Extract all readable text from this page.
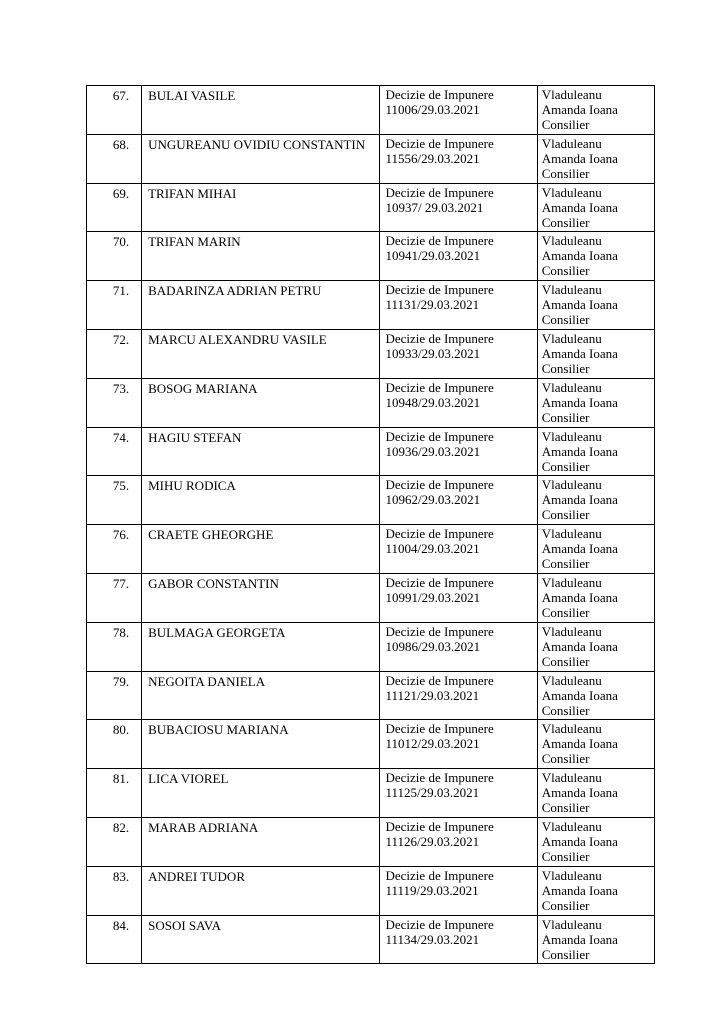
67.	BULAI VASILE	Decizie de Impunere
11006/29.03.2021	Vladuleanu
Amanda Ioana
Consilier

68.	UNGUREANU OVIDIU CONSTANTIN	Decizie de Impunere
11556/29.03.2021	Vladuleanu
Amanda Ioana
Consilier

69.	TRIFAN MIHAI	Decizie de Impunere
10937/ 29.03.2021	Vladuleanu
Amanda Ioana
Consilier

70.	TRIFAN MARIN	Decizie de Impunere
10941/29.03.2021	Vladuleanu
Amanda Ioana
Consilier

71.	BADARINZA ADRIAN PETRU	Decizie de Impunere
11131/29.03.2021	Vladuleanu
Amanda Ioana
Consilier

72.	MARCU ALEXANDRU VASILE	Decizie de Impunere
10933/29.03.2021	Vladuleanu
Amanda Ioana
Consilier

73.	BOSOG MARIANA	Decizie de Impunere
10948/29.03.2021	Vladuleanu
Amanda Ioana
Consilier

74.	HAGIU STEFAN	Decizie de Impunere
10936/29.03.2021	Vladuleanu
Amanda Ioana
Consilier

75.	MIHU RODICA	Decizie de Impunere
10962/29.03.2021	Vladuleanu
Amanda Ioana
Consilier

76.	CRAETE GHEORGHE	Decizie de Impunere
11004/29.03.2021	Vladuleanu
Amanda Ioana
Consilier

77.	GABOR CONSTANTIN	Decizie de Impunere
10991/29.03.2021	Vladuleanu
Amanda Ioana
Consilier

78.	BULMAGA GEORGETA	Decizie de Impunere
10986/29.03.2021	Vladuleanu
Amanda Ioana
Consilier

79.	NEGOITA DANIELA	Decizie de Impunere
11121/29.03.2021	Vladuleanu
Amanda Ioana
Consilier

80.	BUBACIOSU MARIANA	Decizie de Impunere
11012/29.03.2021	Vladuleanu
Amanda Ioana
Consilier

81.	LICA VIOREL	Decizie de Impunere
11125/29.03.2021	Vladuleanu
Amanda Ioana
Consilier

82.	MARAB ADRIANA	Decizie de Impunere
11126/29.03.2021	Vladuleanu
Amanda Ioana
Consilier

83.	ANDREI TUDOR	Decizie de Impunere
11119/29.03.2021	Vladuleanu
Amanda Ioana
Consilier

84.	SOSOI SAVA	Decizie de Impunere
11134/29.03.2021	Vladuleanu
Amanda Ioana
Consilier
